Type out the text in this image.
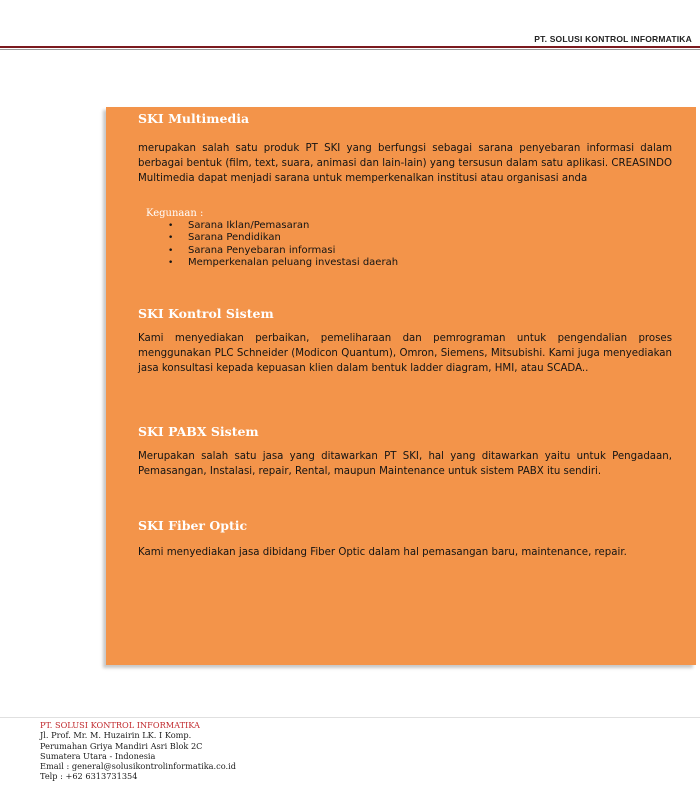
PT. SOLUSI KONTROL INFORMATIKA
SKI Multimedia

merupakan salah satu produk PT SKI yang berfungsi sebagai sarana penyebaran informasi dalam berbagai bentuk (film, text, suara, animasi dan lain-lain) yang tersusun dalam satu aplikasi. CREASINDO Multimedia dapat menjadi sarana untuk memperkenalkan institusi atau organisasi anda

Kegunaan :
• Sarana Iklan/Pemasaran
• Sarana Pendidikan
• Sarana Penyebaran informasi
• Memperkenalan peluang investasi daerah
SKI Kontrol Sistem

Kami menyediakan perbaikan, pemeliharaan dan pemrograman untuk pengendalian proses menggunakan PLC Schneider (Modicon Quantum), Omron, Siemens, Mitsubishi. Kami juga menyediakan jasa konsultasi kepada kepuasan klien dalam bentuk ladder diagram, HMI, atau SCADA..

SKI PABX Sistem

Merupakan salah satu jasa yang ditawarkan PT SKI, hal yang ditawarkan yaitu untuk Pengadaan, Pemasangan, Instalasi, repair, Rental, maupun Maintenance untuk sistem PABX itu sendiri.

SKI Fiber Optic

Kami menyediakan jasa dibidang Fiber Optic dalam hal pemasangan baru, maintenance, repair.

PT. SOLUSI KONTROL INFORMATIKA
Jl. Prof. Mr. M. Huzairin LK. I Komp.
Perumahan Griya Mandiri Asri Blok 2C
Sumatera Utara - Indonesia
Email : general@solusikontrolinformatika.co.id
Telp : +62 6313731354
